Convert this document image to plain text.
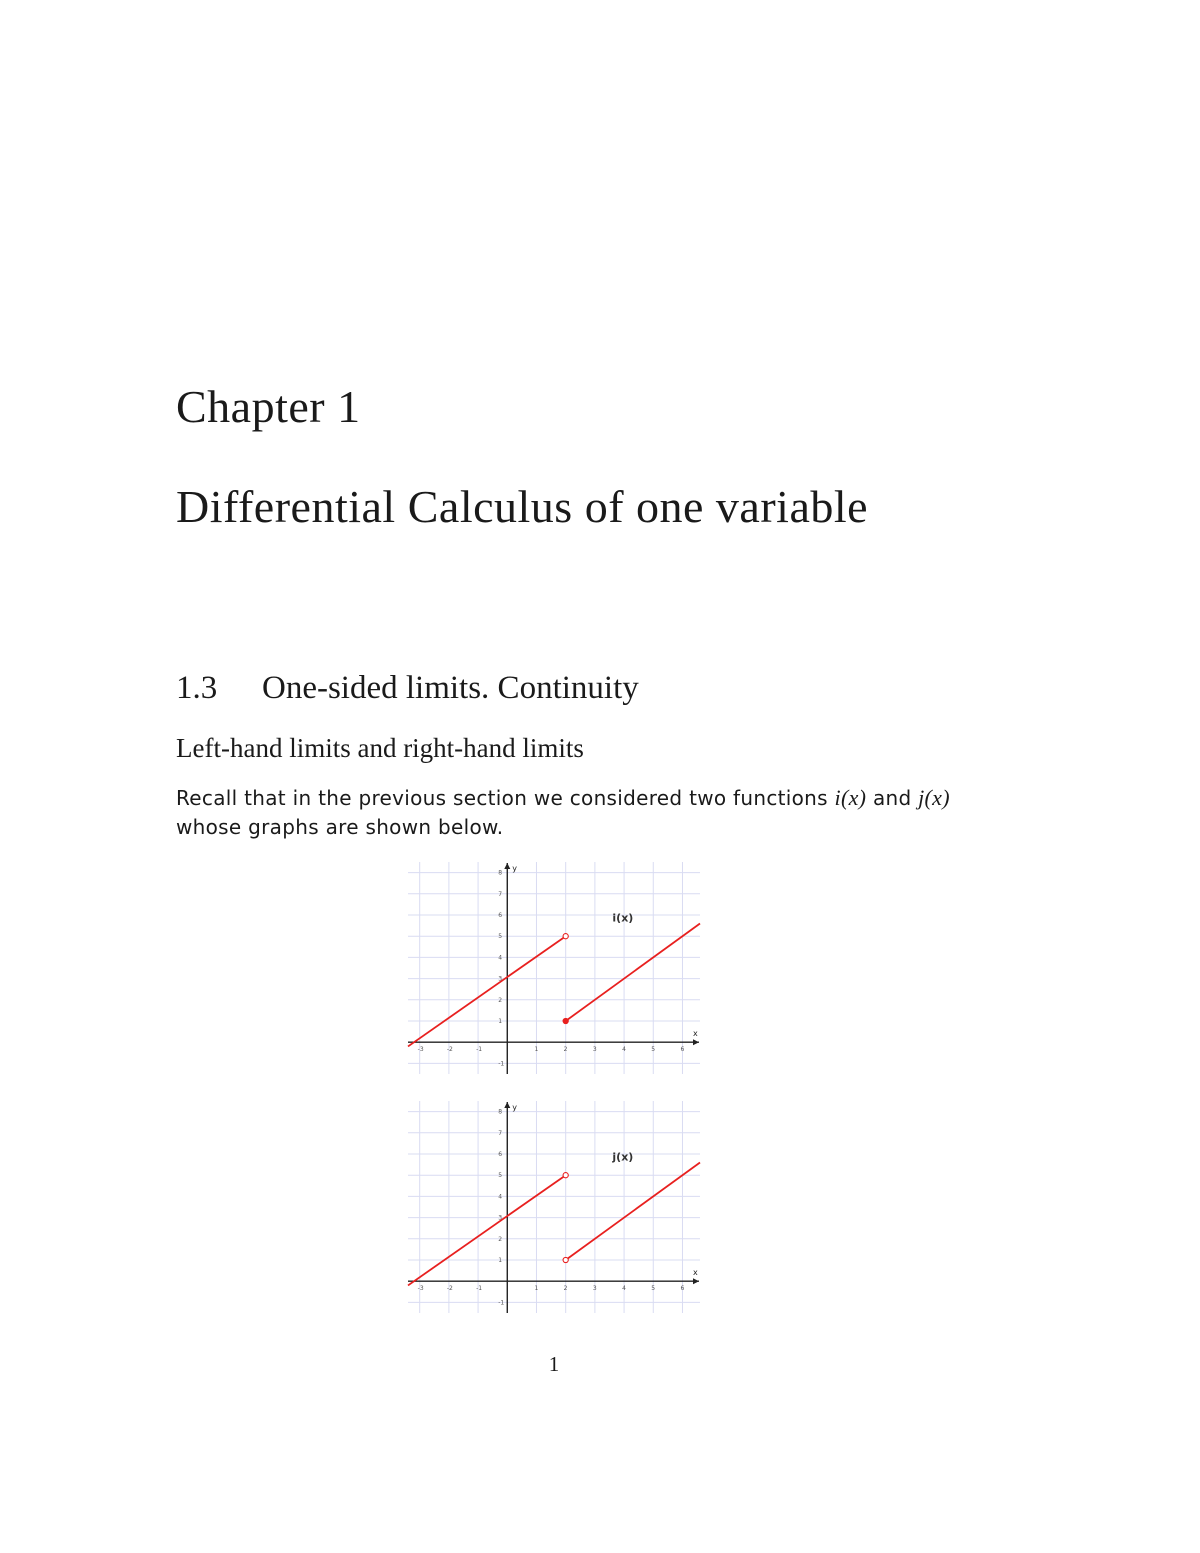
Chapter 1
Differential Calculus of one variable
1.3 One-sided limits. Continuity
Left-hand limits and right-hand limits

Recall that in the previous section we considered two functions i(x) and j(x) whose graphs are shown below.

x
y
-3	-2	-1	1	2	3	4	5	6
-1
1
2
3
4
5
6
7
8
i(x)
x
y
-3	-2	-1	1	2	3	4	5	6
-1
1
2
3
4
5
6
7
8
j(x)

1
